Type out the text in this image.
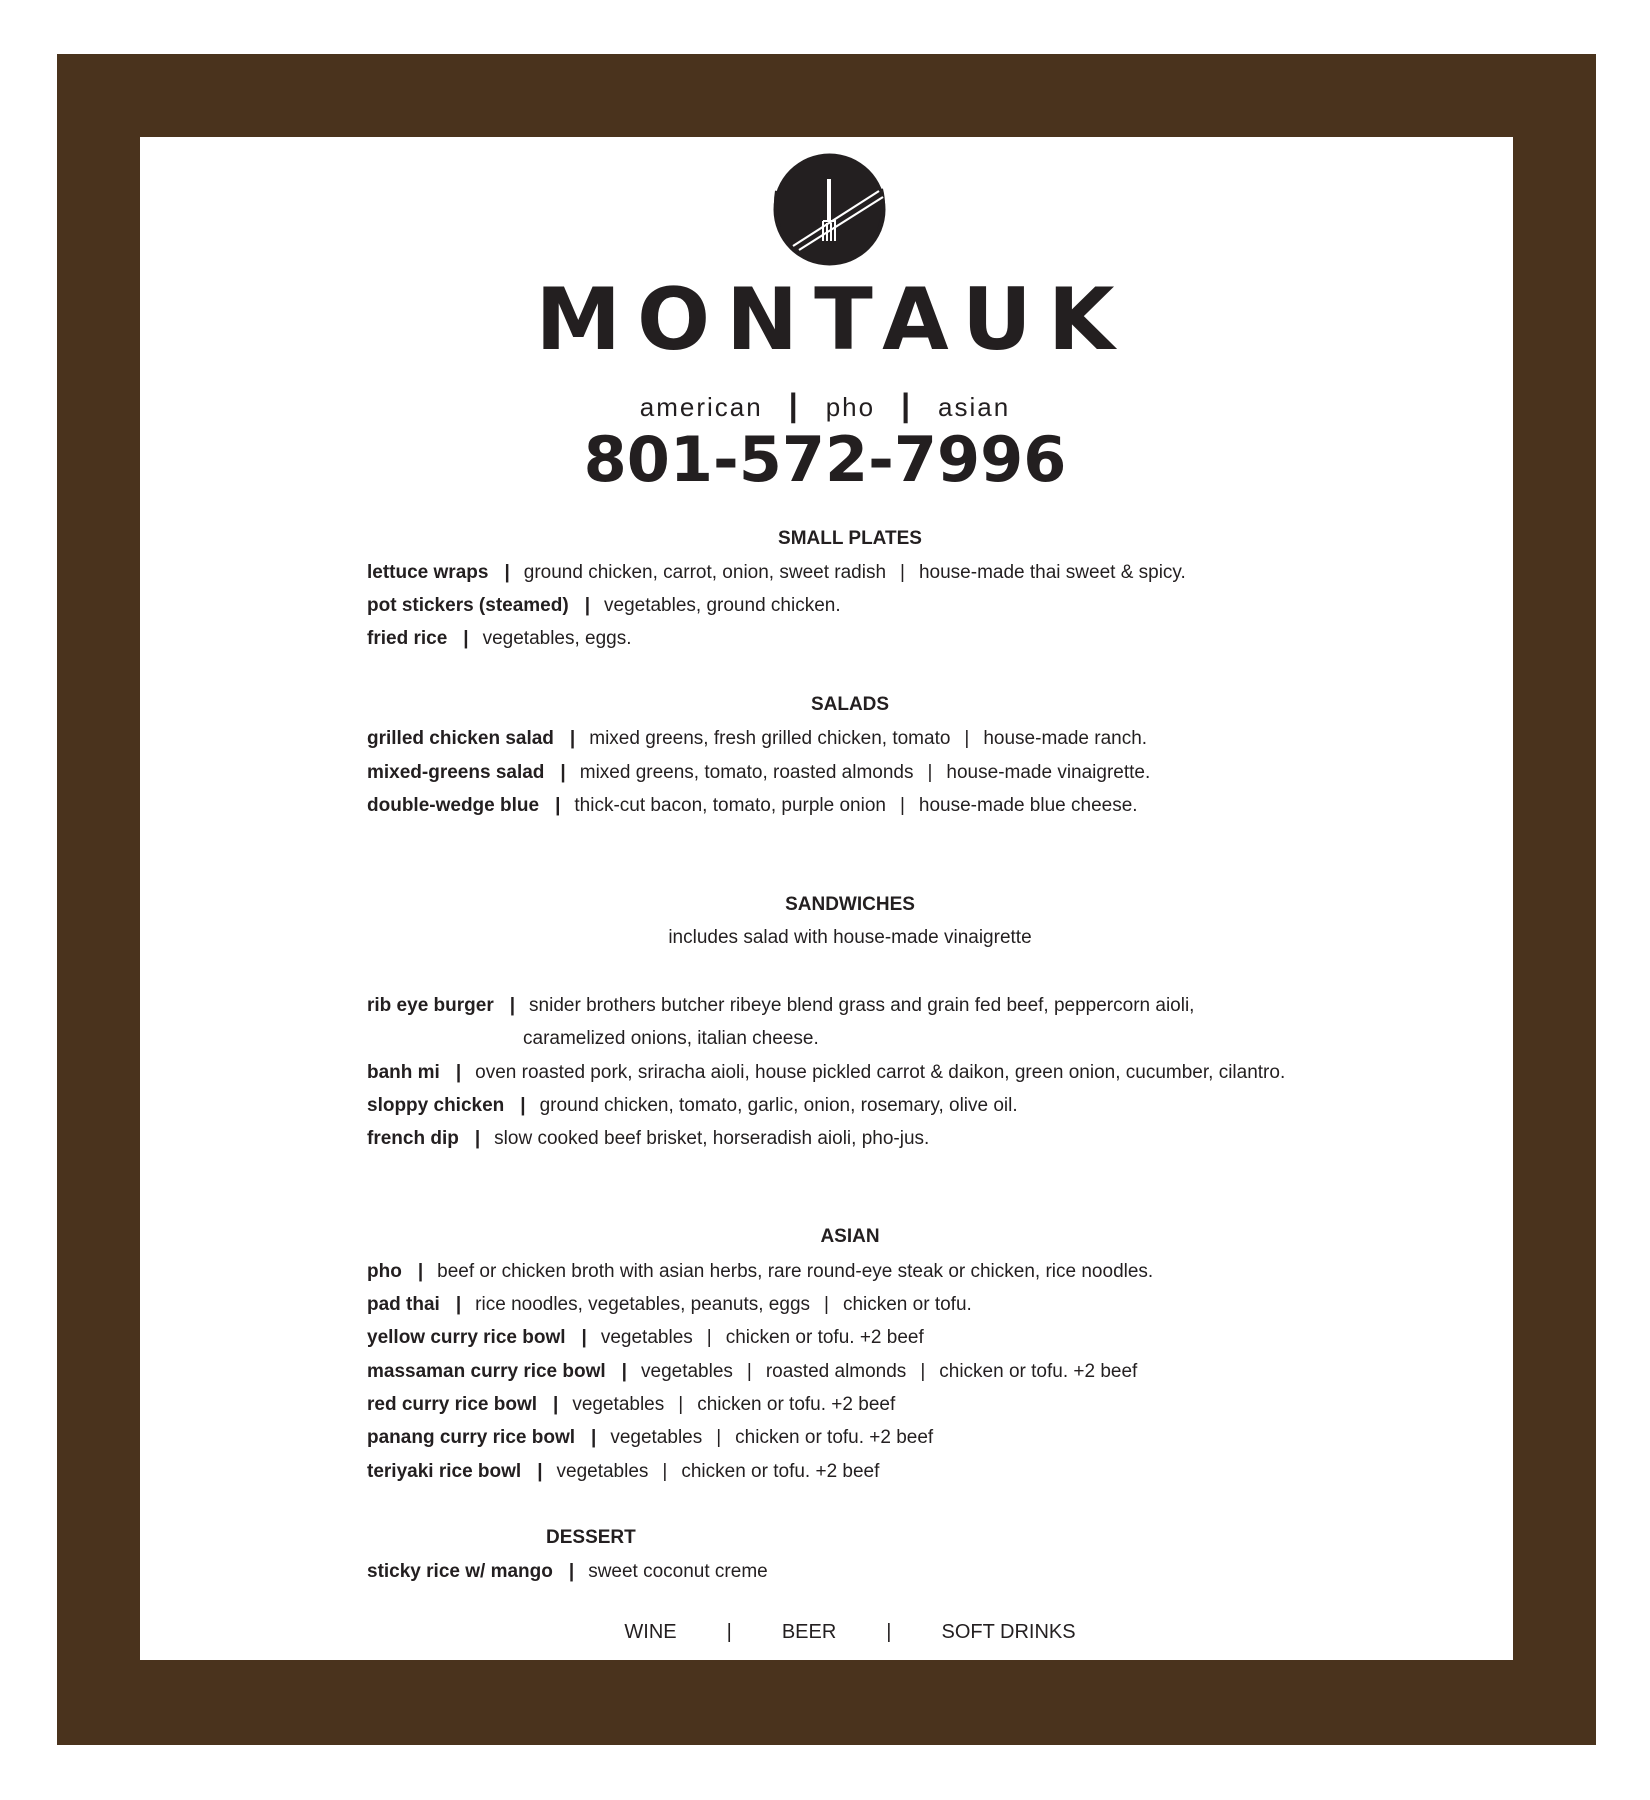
MONTAUK
american | pho | asian
801-572-7996
SMALL PLATES
lettuce wraps | ground chicken, carrot, onion, sweet radish | house-made thai sweet & spicy.
pot stickers (steamed) | vegetables, ground chicken.
fried rice | vegetables, eggs.
SALADS
grilled chicken salad | mixed greens, fresh grilled chicken, tomato | house-made ranch.
mixed-greens salad | mixed greens, tomato, roasted almonds | house-made vinaigrette.
double-wedge blue | thick-cut bacon, tomato, purple onion | house-made blue cheese.
SANDWICHES
includes salad with house-made vinaigrette
rib eye burger | snider brothers butcher ribeye blend grass and grain fed beef, peppercorn aioli,
caramelized onions, italian cheese.
banh mi | oven roasted pork, sriracha aioli, house pickled carrot & daikon, green onion, cucumber, cilantro.
sloppy chicken | ground chicken, tomato, garlic, onion, rosemary, olive oil.
french dip | slow cooked beef brisket, horseradish aioli, pho-jus.
ASIAN
pho | beef or chicken broth with asian herbs, rare round-eye steak or chicken, rice noodles.
pad thai | rice noodles, vegetables, peanuts, eggs | chicken or tofu.
yellow curry rice bowl | vegetables | chicken or tofu. +2 beef
massaman curry rice bowl | vegetables | roasted almonds | chicken or tofu. +2 beef
red curry rice bowl | vegetables | chicken or tofu. +2 beef
panang curry rice bowl | vegetables | chicken or tofu. +2 beef
teriyaki rice bowl | vegetables | chicken or tofu. +2 beef
DESSERT
sticky rice w/ mango | sweet coconut creme
WINE	|	BEER	|	SOFT DRINKS
